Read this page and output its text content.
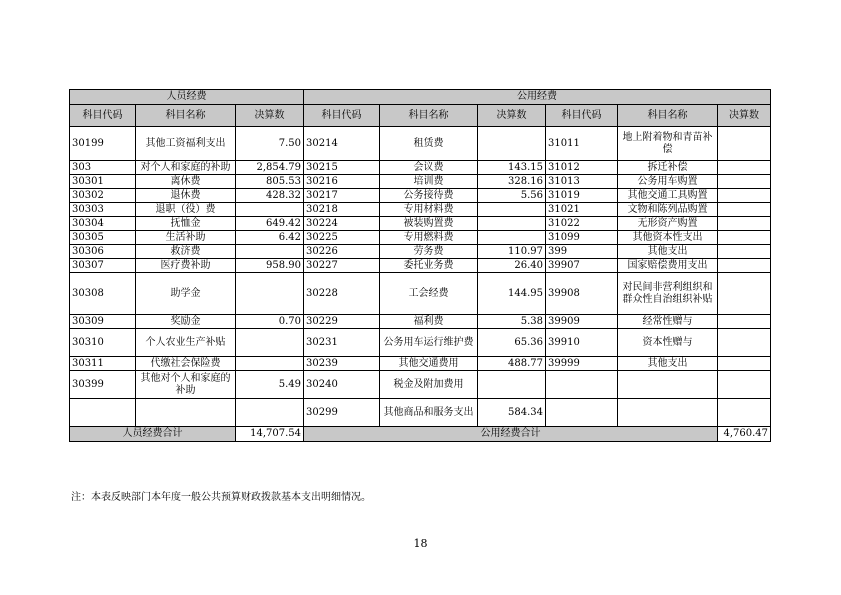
人员经费			公用经费					
科目代码	科目名称	决算数	科目代码	科目名称	决算数	科目代码	科目名称	决算数
30199	其他工资福利支出	7.50	30214	租赁费		31011	地上附着物和青苗补偿	
303	对个人和家庭的补助	2,854.79	30215	会议费	143.15	31012	拆迁补偿	
30301	离休费	805.53	30216	培训费	328.16	31013	公务用车购置	
30302	退休费	428.32	30217	公务接待费	5.56	31019	其他交通工具购置	
30303	退职（役）费		30218	专用材料费		31021	文物和陈列品购置	
30304	抚恤金	649.42	30224	被装购置费		31022	无形资产购置	
30305	生活补助	6.42	30225	专用燃料费		31099	其他资本性支出	
30306	救济费		30226	劳务费	110.97	399	其他支出	
30307	医疗费补助	958.90	30227	委托业务费	26.40	39907	国家赔偿费用支出	
30308	助学金		30228	工会经费	144.95	39908	对民间非营利组织和群众性自治组织补贴	
30309	奖励金	0.70	30229	福利费	5.38	39909	经常性赠与	
30310	个人农业生产补贴		30231	公务用车运行维护费	65.36	39910	资本性赠与	
30311	代缴社会保险费		30239	其他交通费用	488.77	39999	其他支出	
30399	其他对个人和家庭的补助	5.49	30240	税金及附加费用				
			30299	其他商品和服务支出	584.34			
人员经费合计		14,707.54	公用经费合计					4,760.47
注：本表反映部门本年度一般公共预算财政拨款基本支出明细情况。
18
